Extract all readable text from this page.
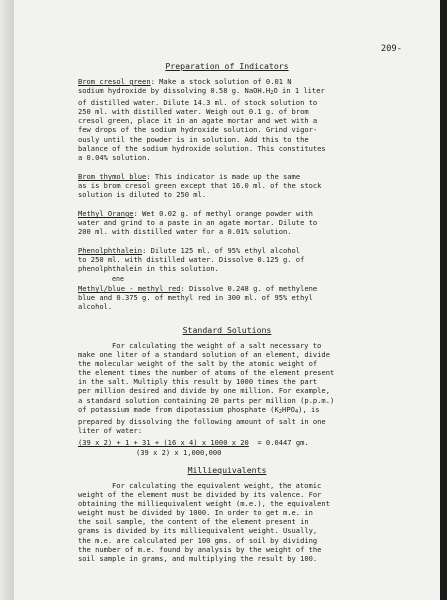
209-
Preparation of Indicators
Brom cresol green: Make a stock solution of 0.01 N
sodium hydroxide by dissolving 0.58 g. NaOH.H2O in 1 liter
of distilled water. Dilute 14.3 ml. of stock solution to
250 ml. with distilled water. Weigh out 0.1 g. of brom
cresol green, place it in an agate mortar and wet with a
few drops of the sodium hydroxide solution. Grind vigor-
ously until the powder is in solution. Add this to the
balance of the sodium hydroxide solution. This constitutes
a 0.04% solution.
Brom thymol blue: This indicator is made up the same
as is brom cresol green except that 16.0 ml. of the stock
solution is diluted to 250 ml.
Methyl Orange: Wet 0.02 g. of methyl orange powder with
water and grind to a paste in an agate mortar. Dilute to
200 ml. with distilled water for a 0.01% solution.
Phenolphthalein: Dilute 125 ml. of 95% ethyl alcohol
to 250 ml. with distilled water. Dissolve 0.125 g. of
phenolphthalein in this solution.
ene
Methyl/blue - methyl red: Dissolve 0.248 g. of methylene
blue and 0.375 g. of methyl red in 300 ml. of 95% ethyl
alcohol.
Standard Solutions
For calculating the weight of a salt necessary to
make one liter of a standard solution of an element, divide
the molecular weight of the salt by the atomic weight of
the element times the number of atoms of the element present
in the salt. Multiply this result by 1000 times the part
per million desired and divide by one million. For example,
a standard solution containing 20 parts per million (p.p.m.)
of potassium made from dipotassium phosphate (K2HPO4), is
prepared by dissolving the following amount of salt in one
liter of water:
(39 x 2) + 1 + 31 + (16 x 4) x 1000 x 20 = 0.0447 gm.
(39 x 2) x 1,000,000
Milliequivalents
For calculating the equivalent weight, the atomic
weight of the element must be divided by its valence. For
obtaining the milliequivalent weight (m.e.), the equivalent
weight must be divided by 1000. In order to get m.e. in
the soil sample, the content of the element present in
grams is divided by its milliequivalent weight. Usually,
the m.e. are calculated per 100 gms. of soil by dividing
the number of m.e. found by analysis by the weight of the
soil sample in grams, and multiplying the result by 100.
